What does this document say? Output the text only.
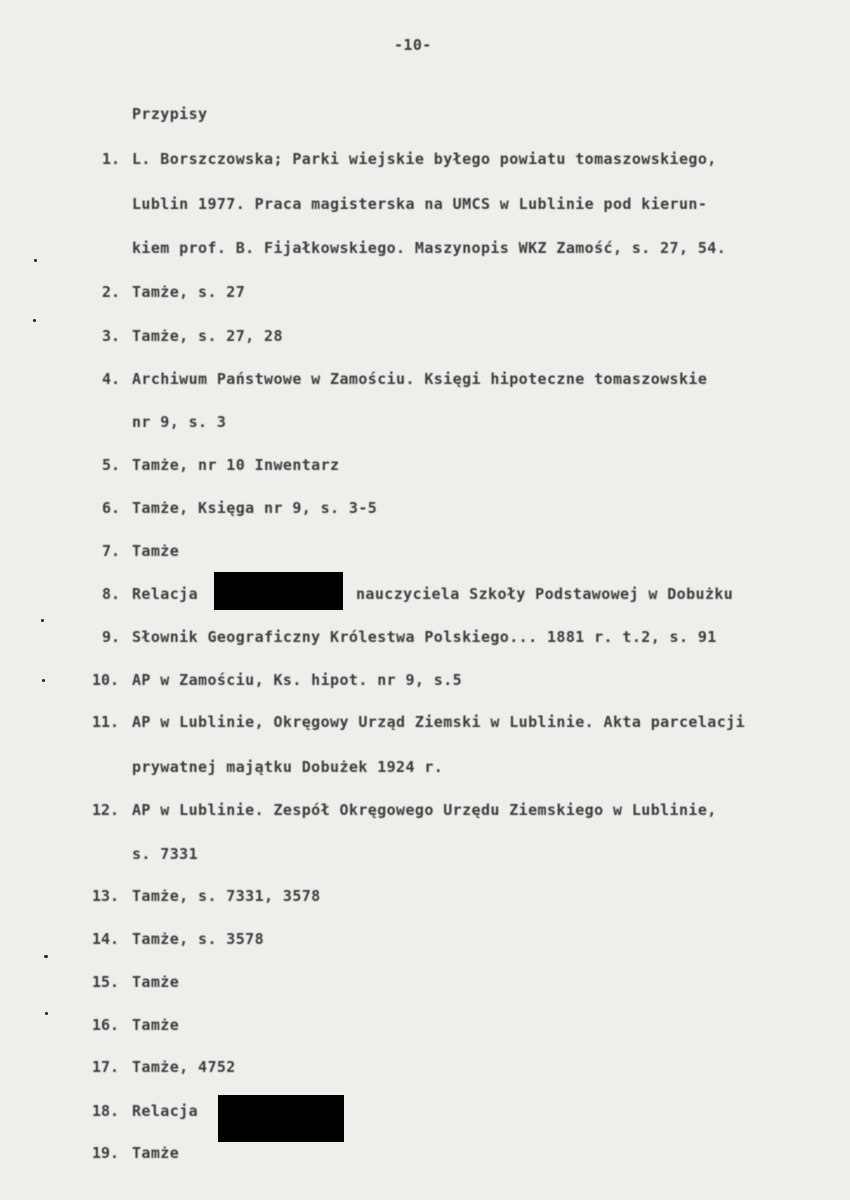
-10-
Przypisy
1. L. Borszczowska; Parki wiejskie byłego powiatu tomaszowskiego,
Lublin 1977. Praca magisterska na UMCS w Lublinie pod kierun-
kiem prof. B. Fijałkowskiego. Maszynopis WKZ Zamość, s. 27, 54.
2. Tamże, s. 27
3. Tamże, s. 27, 28
4. Archiwum Państwowe w Zamościu. Księgi hipoteczne tomaszowskie
nr 9, s. 3
5. Tamże, nr 10 Inwentarz
6. Tamże, Księga nr 9, s. 3-5
7. Tamże
8. Relacja	nauczyciela Szkoły Podstawowej w Dobużku
9. Słownik Geograficzny Królestwa Polskiego... 1881 r. t.2, s. 91
10. AP w Zamościu, Ks. hipot. nr 9, s.5
11. AP w Lublinie, Okręgowy Urząd Ziemski w Lublinie. Akta parcelacji
prywatnej majątku Dobużek 1924 r.
12. AP w Lublinie. Zespół Okręgowego Urzędu Ziemskiego w Lublinie,
s. 7331
13. Tamże, s. 7331, 3578
14. Tamże, s. 3578
15. Tamże
16. Tamże
17. Tamże, 4752
18. Relacja
19. Tamże
